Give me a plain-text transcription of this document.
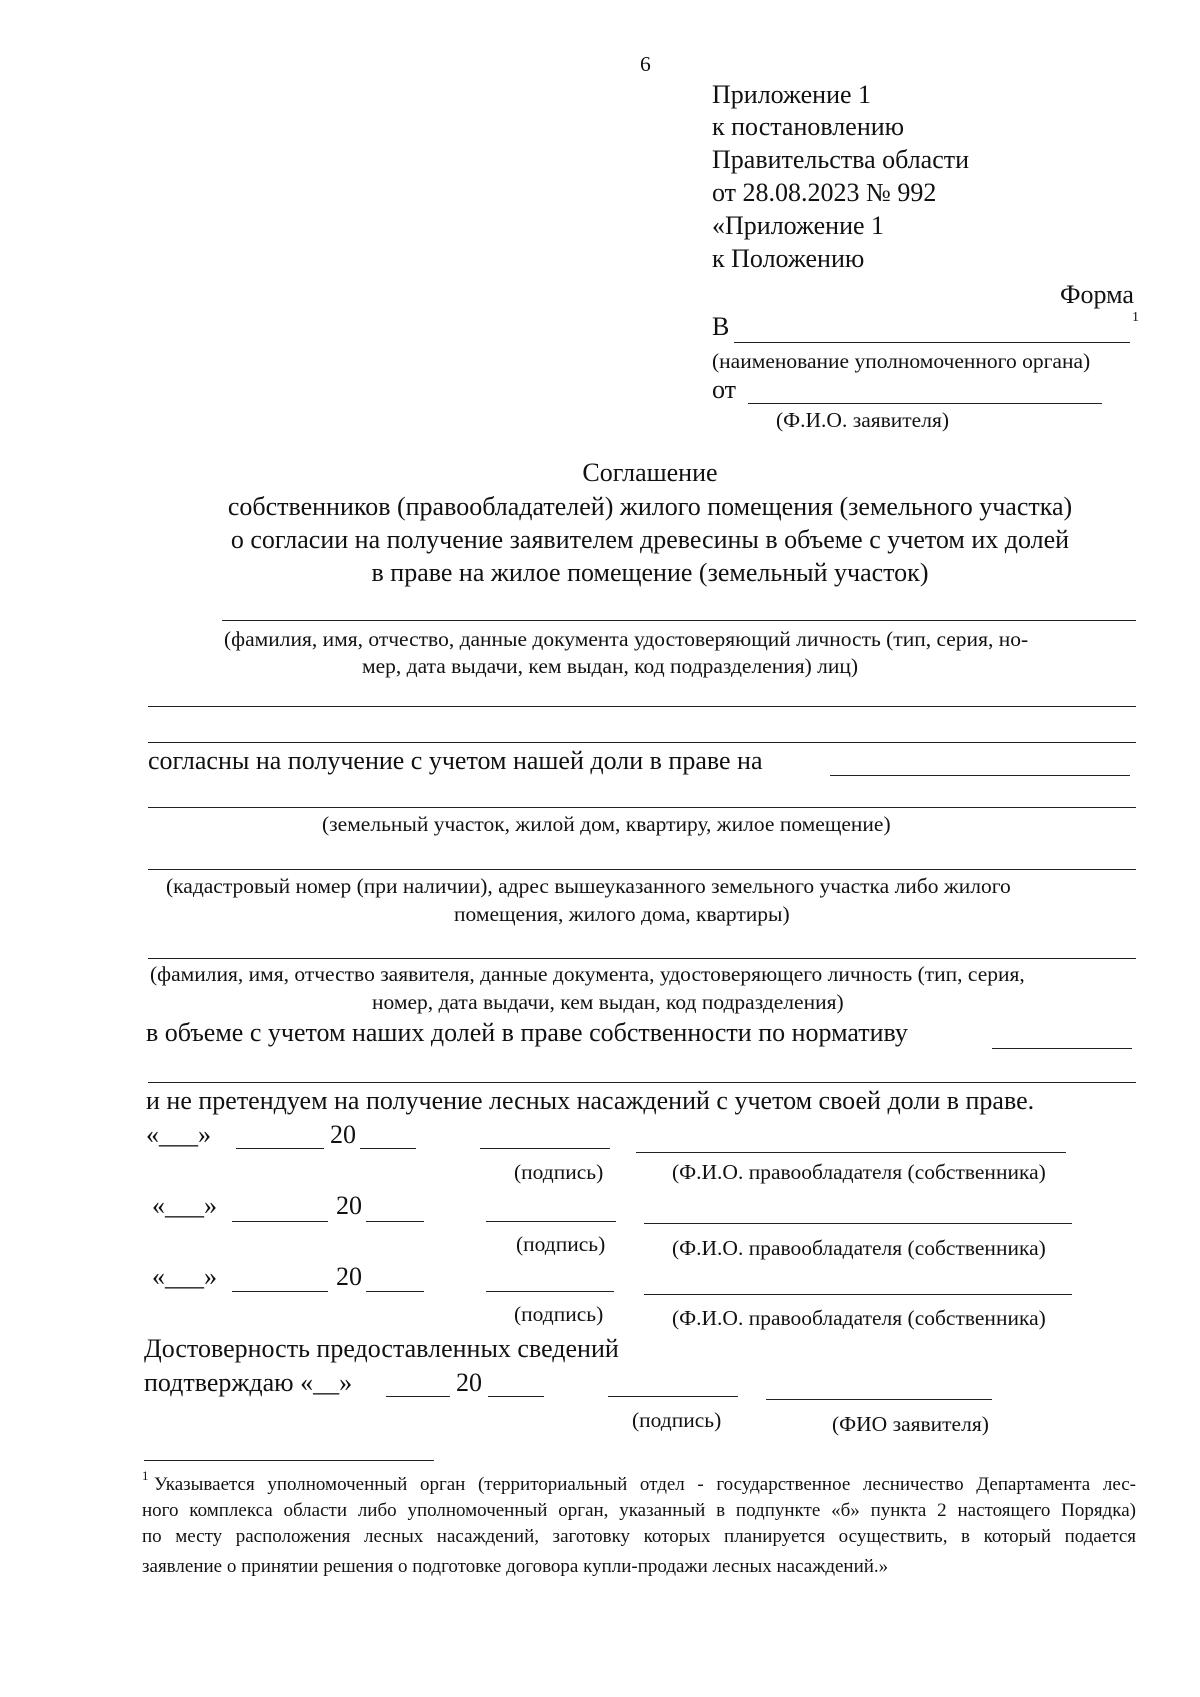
6
Приложение 1
к постановлению
Правительства области
от 28.08.2023 № 992
«Приложение 1
к Положению
Форма
В	1
(наименование уполномоченного органа)
от
(Ф.И.О. заявителя)
Соглашение
собственников (правообладателей) жилого помещения (земельного участка)
о согласии на получение заявителем древесины в объеме с учетом их долей
в праве на жилое помещение (земельный участок)
(фамилия, имя, отчество, данные документа удостоверяющий личность (тип, серия, но-
мер, дата выдачи, кем выдан, код подразделения) лиц)
согласны на получение с учетом нашей доли в праве на
(земельный участок, жилой дом, квартиру, жилое помещение)
(кадастровый номер (при наличии), адрес вышеуказанного земельного участка либо жилого
помещения, жилого дома, квартиры)
(фамилия, имя, отчество заявителя, данные документа, удостоверяющего личность (тип, серия,
номер, дата выдачи, кем выдан, код подразделения)
в объеме с учетом наших долей в праве собственности по нормативу
и не претендуем на получение лесных насаждений с учетом своей доли в праве.
«___»	20
(подпись)	(Ф.И.О. правообладателя (собственника)
«___»	20
(подпись)	(Ф.И.О. правообладателя (собственника)
«___»	20
(подпись)	(Ф.И.О. правообладателя (собственника)
Достоверность предоставленных сведений
подтверждаю «__»	20
(подпись)	(ФИО заявителя)
1 Указывается уполномоченный орган (территориальный отдел - государственное лесничество Департамента лес-
ного комплекса области либо уполномоченный орган, указанный в подпункте «б» пункта 2 настоящего Порядка)
по месту расположения лесных насаждений, заготовку которых планируется осуществить, в который подается
заявление о принятии решения о подготовке договора купли-продажи лесных насаждений.»
